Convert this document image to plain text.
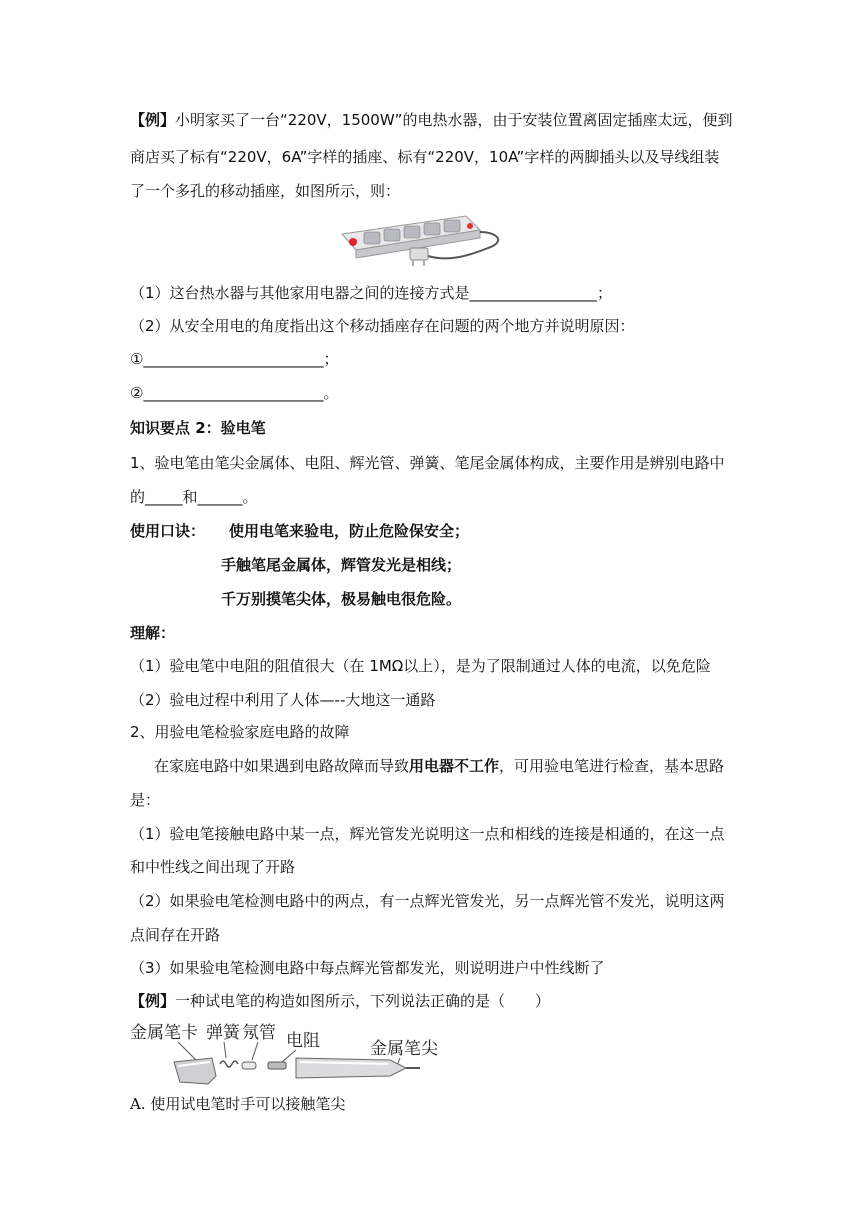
【例】小明家买了一台“220V，1500W”的电热水器，由于安装位置离固定插座太远，便到
商店买了标有“220V，6A”字样的插座、标有“220V，10A”字样的两脚插头以及导线组装
了一个多孔的移动插座，如图所示，则：
（1）这台热水器与其他家用电器之间的连接方式是_________________；
（2）从安全用电的角度指出这个移动插座存在问题的两个地方并说明原因：
①________________________；
②________________________。
知识要点 2：验电笔
1、验电笔由笔尖金属体、电阻、辉光管、弹簧、笔尾金属体构成，主要作用是辨别电路中
的_____和______。
使用口诀： 使用电笔来验电，防止危险保安全；
手触笔尾金属体，辉管发光是相线；
千万别摸笔尖体，极易触电很危险。
理解：
（1）验电笔中电阻的阻值很大（在 1MΩ以上），是为了限制通过人体的电流，以免危险
（2）验电过程中利用了人体—--大地这一通路
2、用验电笔检验家庭电路的故障
在家庭电路中如果遇到电路故障而导致用电器不工作，可用验电笔进行检查，基本思路
是：
（1）验电笔接触电路中某一点，辉光管发光说明这一点和相线的连接是相通的，在这一点
和中性线之间出现了开路
（2）如果验电笔检测电路中的两点，有一点辉光管发光，另一点辉光管不发光，说明这两
点间存在开路
（3）如果验电笔检测电路中每点辉光管都发光，则说明进户中性线断了
【例】一种试电笔的构造如图所示，下列说法正确的是（　　）
金属笔卡 弹簧 氖管 电阻	金属笔尖
A. 使用试电笔时手可以接触笔尖
